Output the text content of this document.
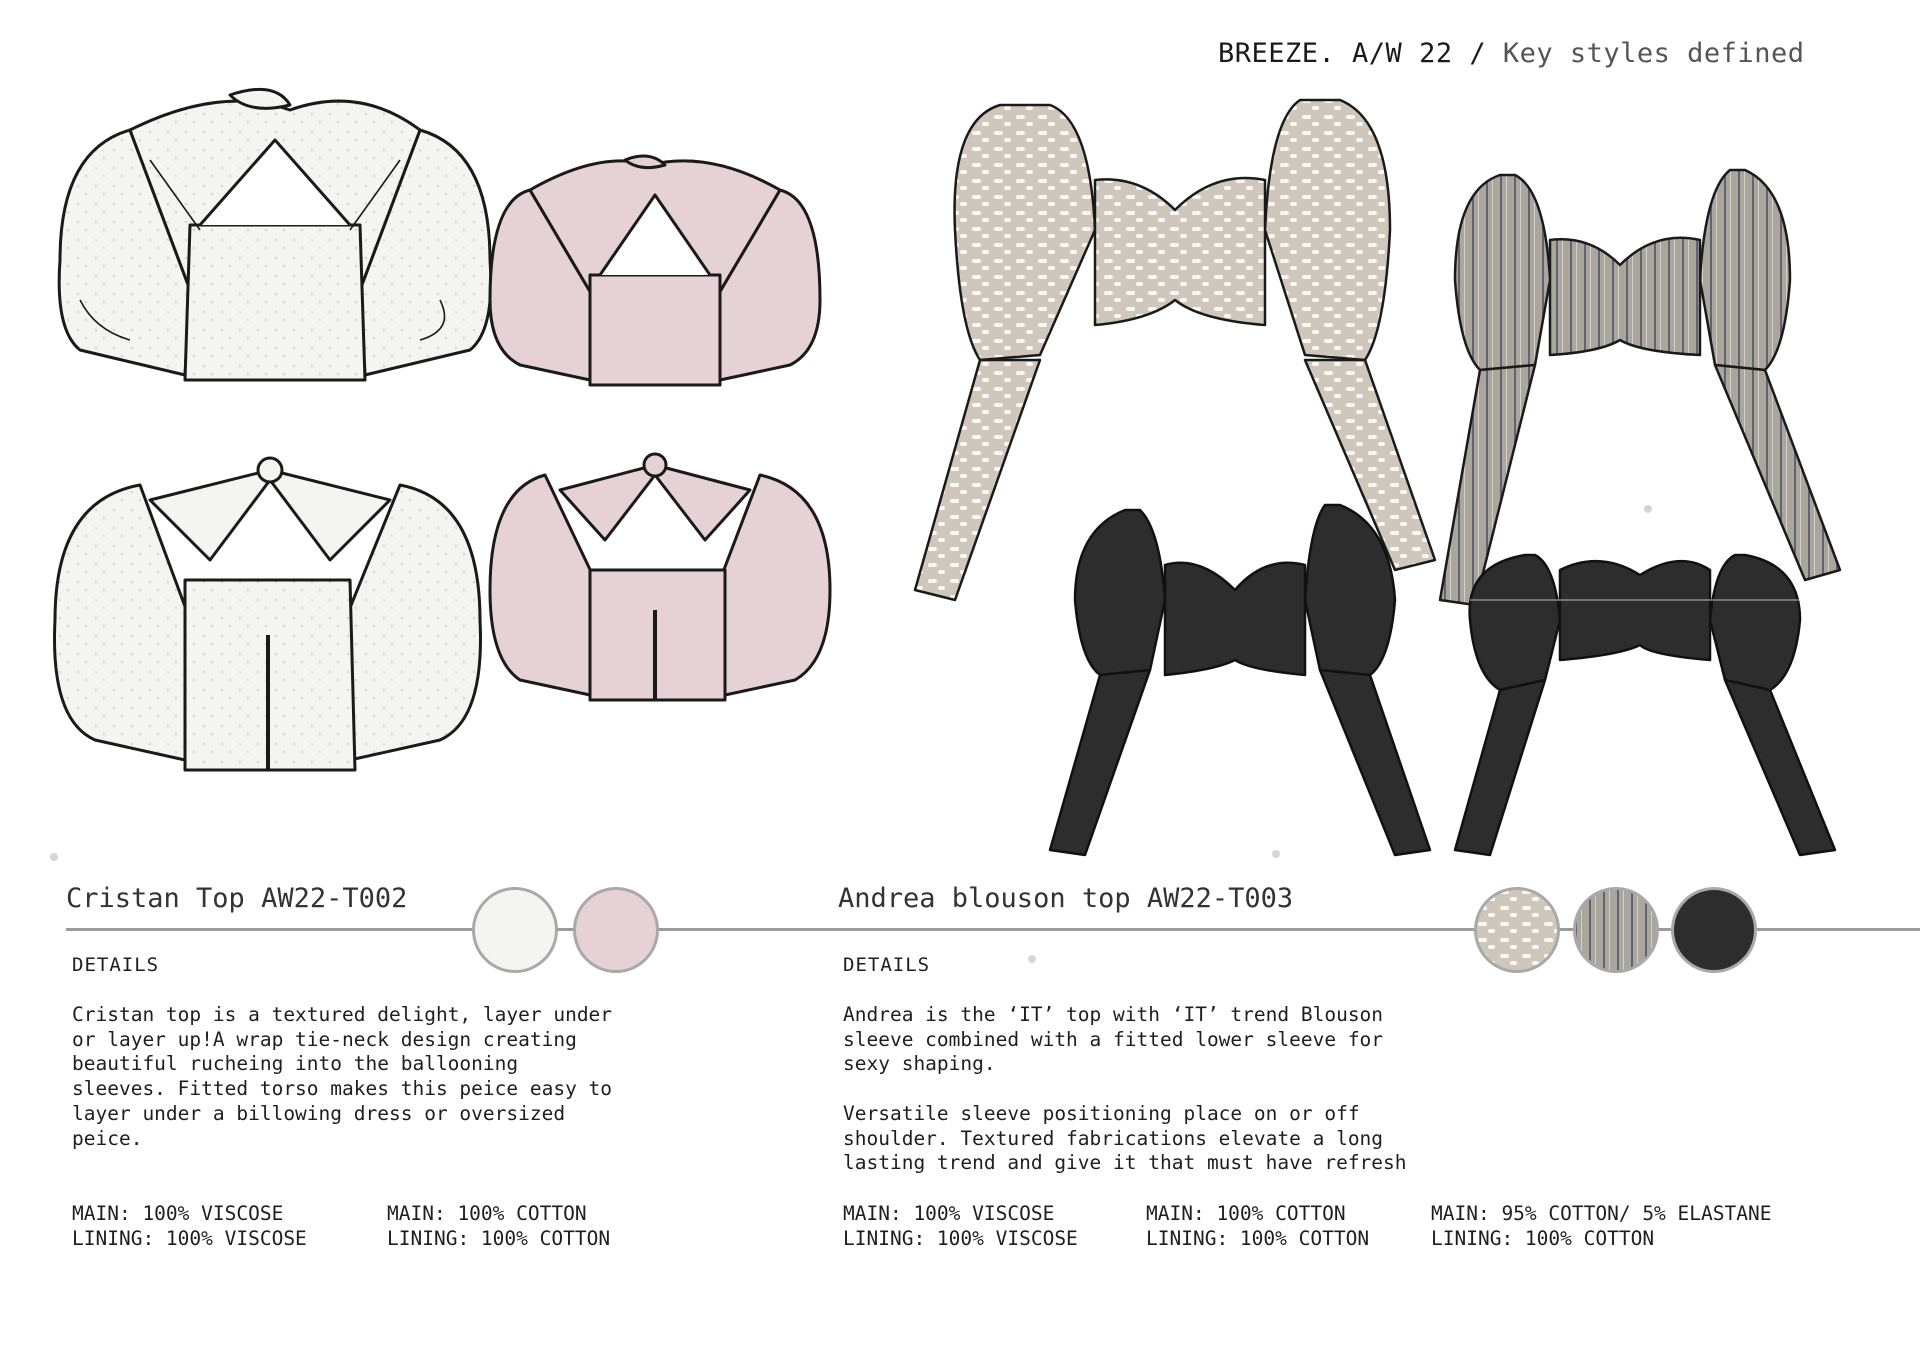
BREEZE. A/W 22 / Key styles defined
Cristan Top AW22-T002
DETAILS
Cristan top is a textured delight, layer under
or layer up!A wrap tie-neck design creating
beautiful rucheing into the ballooning
sleeves. Fitted torso makes this peice easy to
layer under a billowing dress or oversized
peice.
MAIN: 100% VISCOSE
LINING: 100% VISCOSE
MAIN: 100% COTTON
LINING: 100% COTTON
Andrea blouson top AW22-T003
DETAILS
Andrea is the ‘IT’ top with ‘IT’ trend Blouson
sleeve combined with a fitted lower sleeve for
sexy shaping.
Versatile sleeve positioning place on or off
shoulder. Textured fabrications elevate a long
lasting trend and give it that must have refresh
MAIN: 100% VISCOSE
LINING: 100% VISCOSE
MAIN: 100% COTTON
LINING: 100% COTTON
MAIN: 95% COTTON/ 5% ELASTANE
LINING: 100% COTTON
